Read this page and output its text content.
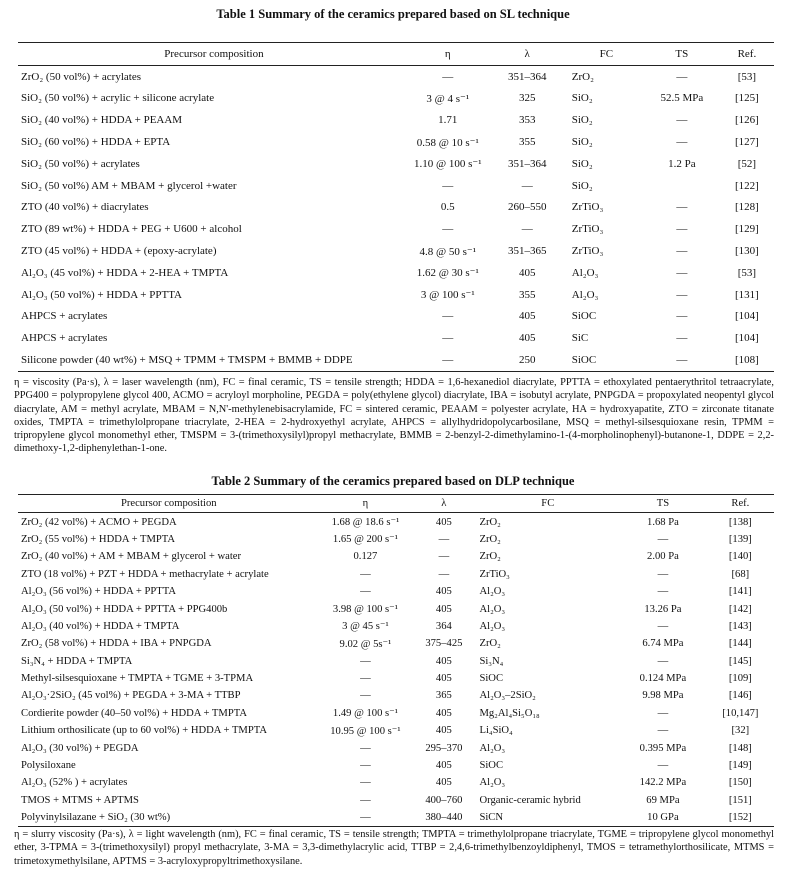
Table 1 Summary of the ceramics prepared based on SL technique
Precursor composition	η	λ	FC	TS	Ref.
ZrO₂ (50 vol%) + acrylates	—	351–364	ZrO₂	—	[53]
SiO₂ (50 vol%) + acrylic + silicone acrylate	3 @ 4 s⁻¹	325	SiO₂	52.5 MPa	[125]
SiO₂ (40 vol%) + HDDA + PEAAM	1.71	353	SiO₂	—	[126]
SiO₂ (60 vol%) + HDDA + EPTA	0.58 @ 10 s⁻¹	355	SiO₂	—	[127]
SiO₂ (50 vol%) + acrylates	1.10 @ 100 s⁻¹	351–364	SiO₂	1.2 Pa	[52]
SiO₂ (50 vol%) AM + MBAM + glycerol +water	—	—	SiO₂		[122]
ZTO (40 vol%) + diacrylates	0.5	260–550	ZrTiO₃	—	[128]
ZTO (89 wt%) + HDDA + PEG + U600 + alcohol	—	—	ZrTiO₃	—	[129]
ZTO (45 vol%) + HDDA + (epoxy-acrylate)	4.8 @ 50 s⁻¹	351–365	ZrTiO₃	—	[130]
Al₂O₃ (45 vol%) + HDDA + 2-HEA + TMPTA	1.62 @ 30 s⁻¹	405	Al₂O₃	—	[53]
Al₂O₃ (50 vol%) + HDDA + PPTTA	3 @ 100 s⁻¹	355	Al₂O₃	—	[131]
AHPCS + acrylates	—	405	SiOC	—	[104]
AHPCS + acrylates	—	405	SiC	—	[104]
Silicone powder (40 wt%) + MSQ + TPMM + TMSPM + BMMB + DDPE	—	250	SiOC	—	[108]
η = viscosity (Pa·s), λ = laser wavelength (nm), FC = final ceramic, TS = tensile strength; HDDA = 1,6-hexanediol diacrylate, PPTTA = ethoxylated pentaerythritol tetraacrylate, PPG400 = polypropylene glycol 400, ACMO = acryloyl morpholine, PEGDA = poly(ethylene glycol) diacrylate, IBA = isobutyl acrylate, PNPGDA = propoxylated neopentyl glycol diacrylate, AM = methyl acrylate, MBAM = N,N'-methylenebisacrylamide, FC = sintered ceramic, PEAAM = polyester acrylate, HA = hydroxyapatite, ZTO = zirconate titanate oxides, TMPTA = trimethylolpropane triacrylate, 2-HEA = 2-hydroxyethyl acrylate, AHPCS = allylhydridopolycarbosilane, MSQ = methyl-silsesquioxane resin, TPMM = tripropylene glycol monomethyl ether, TMSPM = 3-(trimethoxysilyl)propyl methacrylate, BMMB = 2-benzyl-2-dimethylamino-1-(4-morpholinophenyl)-butanone-1, DDPE = 2,2-dimethoxy-1,2-diphenylethan-1-one.
Table 2 Summary of the ceramics prepared based on DLP technique
Precursor composition	η	λ	FC	TS	Ref.
ZrO₂ (42 vol%) + ACMO + PEGDA	1.68 @ 18.6 s⁻¹	405	ZrO₂	1.68 Pa	[138]
ZrO₂ (55 vol%) + HDDA + TMPTA	1.65 @ 200 s⁻¹	—	ZrO₂	—	[139]
ZrO₂ (40 vol%) + AM + MBAM + glycerol + water	0.127	—	ZrO₂	2.00 Pa	[140]
ZTO (18 vol%) + PZT + HDDA + methacrylate + acrylate	—	—	ZrTiO₃	—	[68]
Al₂O₃ (56 vol%) + HDDA + PPTTA	—	405	Al₂O₃	—	[141]
Al₂O₃ (50 vol%) + HDDA + PPTTA + PPG400b	3.98 @ 100 s⁻¹	405	Al₂O₃	13.26 Pa	[142]
Al₂O₃ (40 vol%) + HDDA + TMPTA	3 @ 45 s⁻¹	364	Al₂O₃	—	[143]
ZrO₂ (58 vol%) + HDDA + IBA + PNPGDA	9.02 @ 5s⁻¹	375–425	ZrO₂	6.74 MPa	[144]
Si₃N₄ + HDDA + TMPTA	—	405	Si₃N₄	—	[145]
Methyl-silsesquioxane + TMPTA + TGME + 3-TPMA	—	405	SiOC	0.124 MPa	[109]
Al₂O₃·2SiO₂ (45 vol%) + PEGDA + 3-MA + TTBP	—	365	Al₂O₃–2SiO₂	9.98 MPa	[146]
Cordierite powder (40–50 vol%) + HDDA + TMPTA	1.49 @ 100 s⁻¹	405	Mg₂Al₄Si₅O₁₈	—	[10,147]
Lithium orthosilicate (up to 60 vol%) + HDDA + TMPTA	10.95 @ 100 s⁻¹	405	Li₄SiO₄	—	[32]
Al₂O₃ (30 vol%) + PEGDA	—	295–370	Al₂O₃	0.395 MPa	[148]
Polysiloxane	—	405	SiOC	—	[149]
Al₂O₃ (52% ) + acrylates	—	405	Al₂O₃	142.2 MPa	[150]
TMOS + MTMS + APTMS	—	400–760	Organic-ceramic hybrid	69 MPa	[151]
Polyvinylsilazane + SiO₂ (30 wt%)	—	380–440	SiCN	10 GPa	[152]
η = slurry viscosity (Pa·s), λ = light wavelength (nm), FC = final ceramic, TS = tensile strength; TMPTA = trimethylolpropane triacrylate, TGME = tripropylene glycol monomethyl ether, 3-TPMA = 3-(trimethoxysilyl) propyl methacrylate, 3-MA = 3,3-dimethylacrylic acid, TTBP = 2,4,6-trimethylbenzoyldiphenyl, TMOS = tetramethylorthosilicate, MTMS = trimetoxymethylsilane, APTMS = 3-acryloxypropyltrimethoxysilane.
